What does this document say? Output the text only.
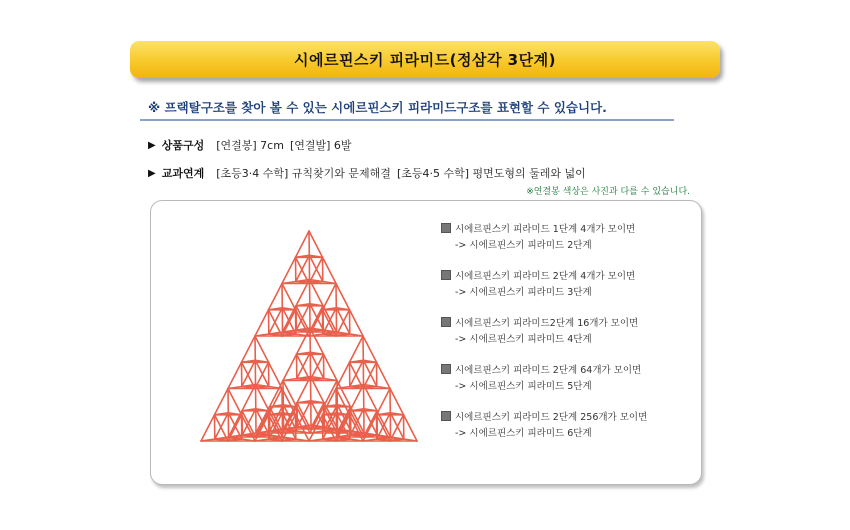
시에르핀스키 피라미드(정삼각 3단계)
※ 프랙탈구조를 찾아 볼 수 있는 시에르핀스키 피라미드구조를 표현할 수 있습니다.
▶ 상품구성 [연결봉] 7cm [연결발] 6발
▶ 교과연계 [초등3·4 수학] 규칙찾기와 문제해결 [초등4·5 수학] 평면도형의 둘레와 넓이
※연결봉 색상은 사진과 다를 수 있습니다.
시에르핀스키 피라미드 1단계 4개가 모이면
-> 시에르핀스키 피라미드 2단계
시에르핀스키 피라미드 2단계 4개가 모이면
-> 시에르핀스키 피라미드 3단계
시에르핀스키 피라미드2단계 16개가 모이면
-> 시에르핀스키 피라미드 4단계
시에르핀스키 피라미드 2단계 64개가 모이면
-> 시에르핀스키 피라미드 5단계
시에르핀스키 피라미드 2단계 256개가 모이면
-> 시에르핀스키 피라미드 6단계
